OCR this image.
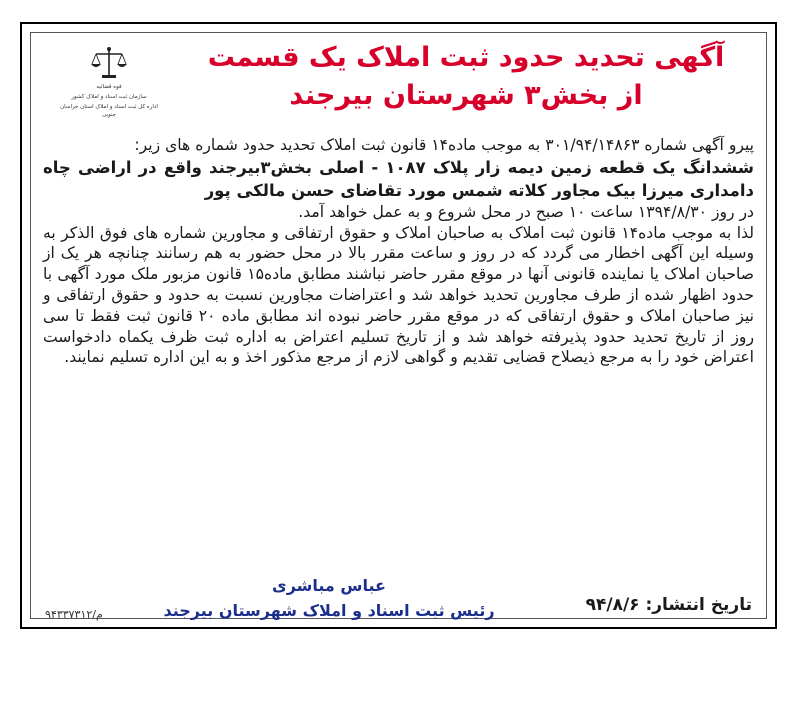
قوه قضائیه
سازمان ثبت اسناد و املاک کشور
اداره کل ثبت اسناد و املاک استان خراسان جنوبی
آگهی تحدید حدود ثبت املاک یک قسمت
از بخش۳ شهرستان بیرجند

پیرو آگهی شماره ۳۰۱/۹۴/۱۴۸۶۳ به موجب ماده۱۴ قانون ثبت املاک تحدید حدود شماره های زیر:

ششدانگ یک قطعه زمین دیمه زار پلاک ۱۰۸۷ - اصلی بخش۳بیرجند واقع در اراضی چاه دامداری میرزا بیک مجاور کلاته شمس مورد تقاضای حسن مالکی پور

در روز ۱۳۹۴/۸/۳۰ ساعت ۱۰ صبح در محل شروع و به عمل خواهد آمد.

لذا به موجب ماده۱۴ قانون ثبت املاک به صاحبان املاک و حقوق ارتفاقی و مجاورین شماره های فوق الذکر به وسیله این آگهی اخطار می گردد که در روز و ساعت مقرر بالا در محل حضور به هم رسانند چنانچه هر یک از صاحبان املاک یا نماینده قانونی آنها در موقع مقرر حاضر نباشند مطابق ماده۱۵ قانون مزبور ملک مورد آگهی با حدود اظهار شده از طرف مجاورین تحدید خواهد شد و اعتراضات مجاورین نسبت به حدود و حقوق ارتفاقی و نیز صاحبان املاک و حقوق ارتفاقی که در موقع مقرر حاضر نبوده اند مطابق ماده ۲۰ قانون ثبت فقط تا سی روز از تاریخ تحدید حدود پذیرفته خواهد شد و از تاریخ تسلیم اعتراض به اداره ثبت ظرف یکماه دادخواست اعتراض خود را به مرجع ذیصلاح قضایی تقدیم و گواهی لازم از مرجع مذکور اخذ و به این اداره تسلیم نمایند.

عباس مباشری
رئیس ثبت اسناد و املاک شهرستان بیرجند	تاریخ انتشار: ۹۴/۸/۶
م/۹۴۳۳۷۳۱۲
